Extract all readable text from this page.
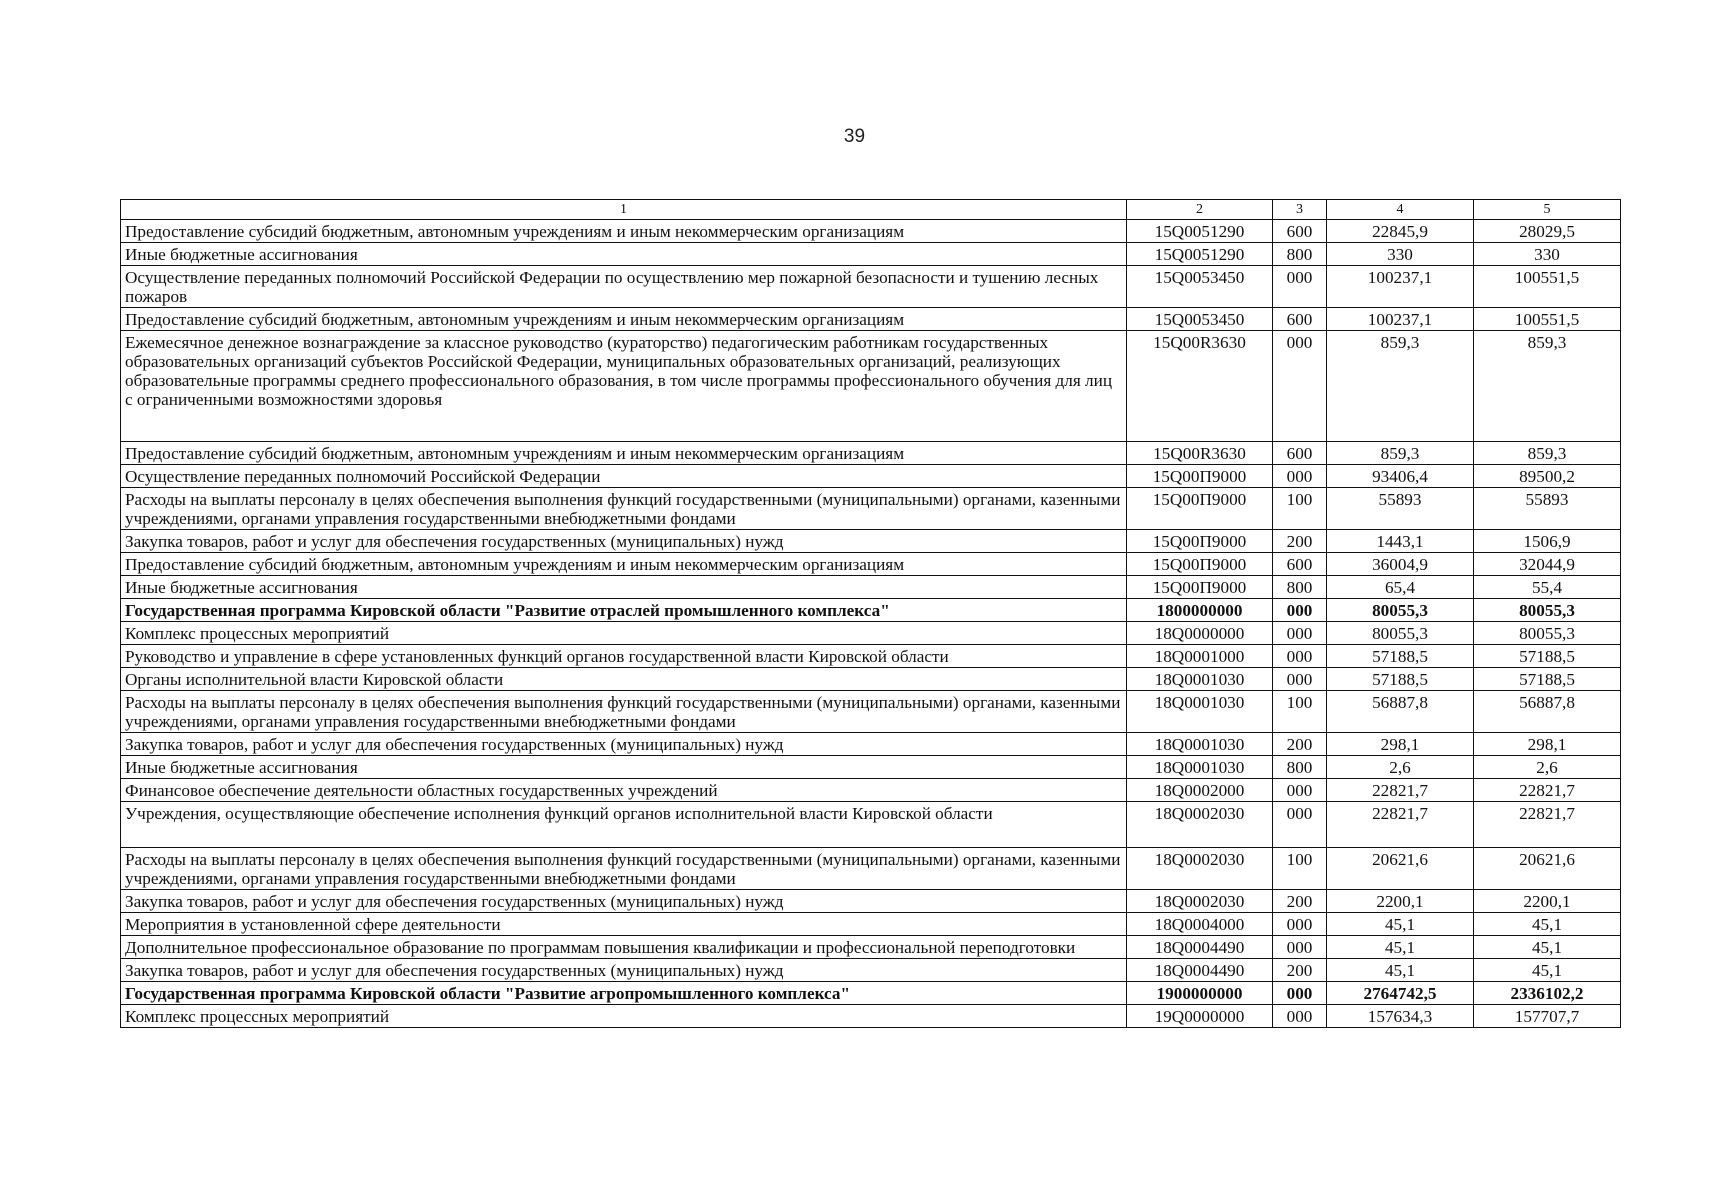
39
1	2	3	4	5
Предоставление субсидий бюджетным, автономным учреждениям и иным некоммерческим организациям	15Q0051290	600	22845,9	28029,5
Иные бюджетные ассигнования	15Q0051290	800	330	330
Осуществление переданных полномочий Российской Федерации по осуществлению мер пожарной безопасности и тушению лесных пожаров	15Q0053450	000	100237,1	100551,5
Предоставление субсидий бюджетным, автономным учреждениям и иным некоммерческим организациям	15Q0053450	600	100237,1	100551,5
Ежемесячное денежное вознаграждение за классное руководство (кураторство) педагогическим работникам государственных образовательных организаций субъектов Российской Федерации, муниципальных образовательных организаций, реализующих образовательные программы среднего профессионального образования, в том числе программы профессионального обучения для лиц с ограниченными возможностями здоровья	15Q00R3630	000	859,3	859,3
Предоставление субсидий бюджетным, автономным учреждениям и иным некоммерческим организациям	15Q00R3630	600	859,3	859,3
Осуществление переданных полномочий Российской Федерации	15Q00П9000	000	93406,4	89500,2
Расходы на выплаты персоналу в целях обеспечения выполнения функций государственными (муниципальными) органами, казенными учреждениями, органами управления государственными внебюджетными фондами	15Q00П9000	100	55893	55893
Закупка товаров, работ и услуг для обеспечения государственных (муниципальных) нужд	15Q00П9000	200	1443,1	1506,9
Предоставление субсидий бюджетным, автономным учреждениям и иным некоммерческим организациям	15Q00П9000	600	36004,9	32044,9
Иные бюджетные ассигнования	15Q00П9000	800	65,4	55,4
Государственная программа Кировской области "Развитие отраслей промышленного комплекса"	1800000000	000	80055,3	80055,3
Комплекс процессных мероприятий	18Q0000000	000	80055,3	80055,3
Руководство и управление в сфере установленных функций органов государственной власти Кировской области	18Q0001000	000	57188,5	57188,5
Органы исполнительной власти Кировской области	18Q0001030	000	57188,5	57188,5
Расходы на выплаты персоналу в целях обеспечения выполнения функций государственными (муниципальными) органами, казенными учреждениями, органами управления государственными внебюджетными фондами	18Q0001030	100	56887,8	56887,8
Закупка товаров, работ и услуг для обеспечения государственных (муниципальных) нужд	18Q0001030	200	298,1	298,1
Иные бюджетные ассигнования	18Q0001030	800	2,6	2,6
Финансовое обеспечение деятельности областных государственных учреждений	18Q0002000	000	22821,7	22821,7
Учреждения, осуществляющие обеспечение исполнения функций органов исполнительной власти Кировской области	18Q0002030	000	22821,7	22821,7
Расходы на выплаты персоналу в целях обеспечения выполнения функций государственными (муниципальными) органами, казенными учреждениями, органами управления государственными внебюджетными фондами	18Q0002030	100	20621,6	20621,6
Закупка товаров, работ и услуг для обеспечения государственных (муниципальных) нужд	18Q0002030	200	2200,1	2200,1
Мероприятия в установленной сфере деятельности	18Q0004000	000	45,1	45,1
Дополнительное профессиональное образование по программам повышения квалификации и профессиональной переподготовки	18Q0004490	000	45,1	45,1
Закупка товаров, работ и услуг для обеспечения государственных (муниципальных) нужд	18Q0004490	200	45,1	45,1
Государственная программа Кировской области "Развитие агропромышленного комплекса"	1900000000	000	2764742,5	2336102,2
Комплекс процессных мероприятий	19Q0000000	000	157634,3	157707,7
